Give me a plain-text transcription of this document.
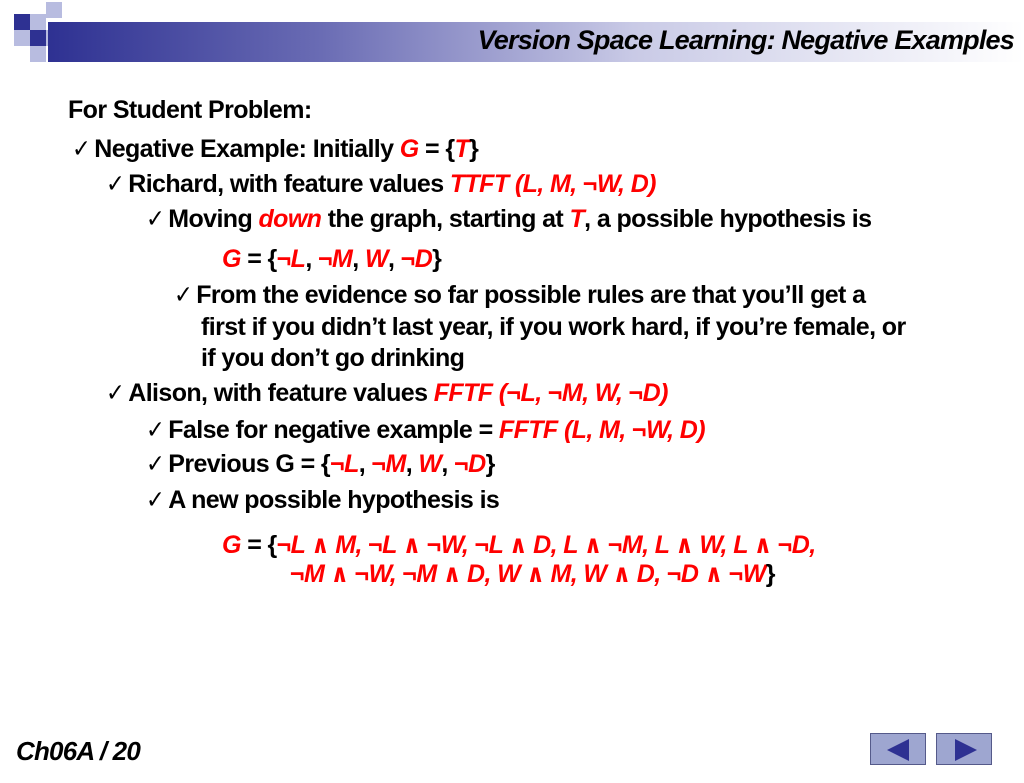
Version Space Learning: Negative Examples
For Student Problem:
✓ Negative Example: Initially G = {T}
✓ Richard, with feature values TTFT (L, M, ¬W, D)
✓ Moving down the graph, starting at T, a possible hypothesis is
G = {¬L, ¬M, W, ¬D}
✓ From the evidence so far possible rules are that you’ll get a
first if you didn’t last year, if you work hard, if you’re female, or
if you don’t go drinking
✓ Alison, with feature values FFTF (¬L, ¬M, W, ¬D)
✓ False for negative example = FFTF (L, M, ¬W, D)
✓ Previous G = {¬L, ¬M, W, ¬D}
✓ A new possible hypothesis is
G = {¬L ∧ M, ¬L ∧ ¬W, ¬L ∧ D, L ∧ ¬M, L ∧ W, L ∧ ¬D,
¬M ∧ ¬W, ¬M ∧ D, W ∧ M, W ∧ D, ¬D ∧ ¬W}
Ch06A / 20
